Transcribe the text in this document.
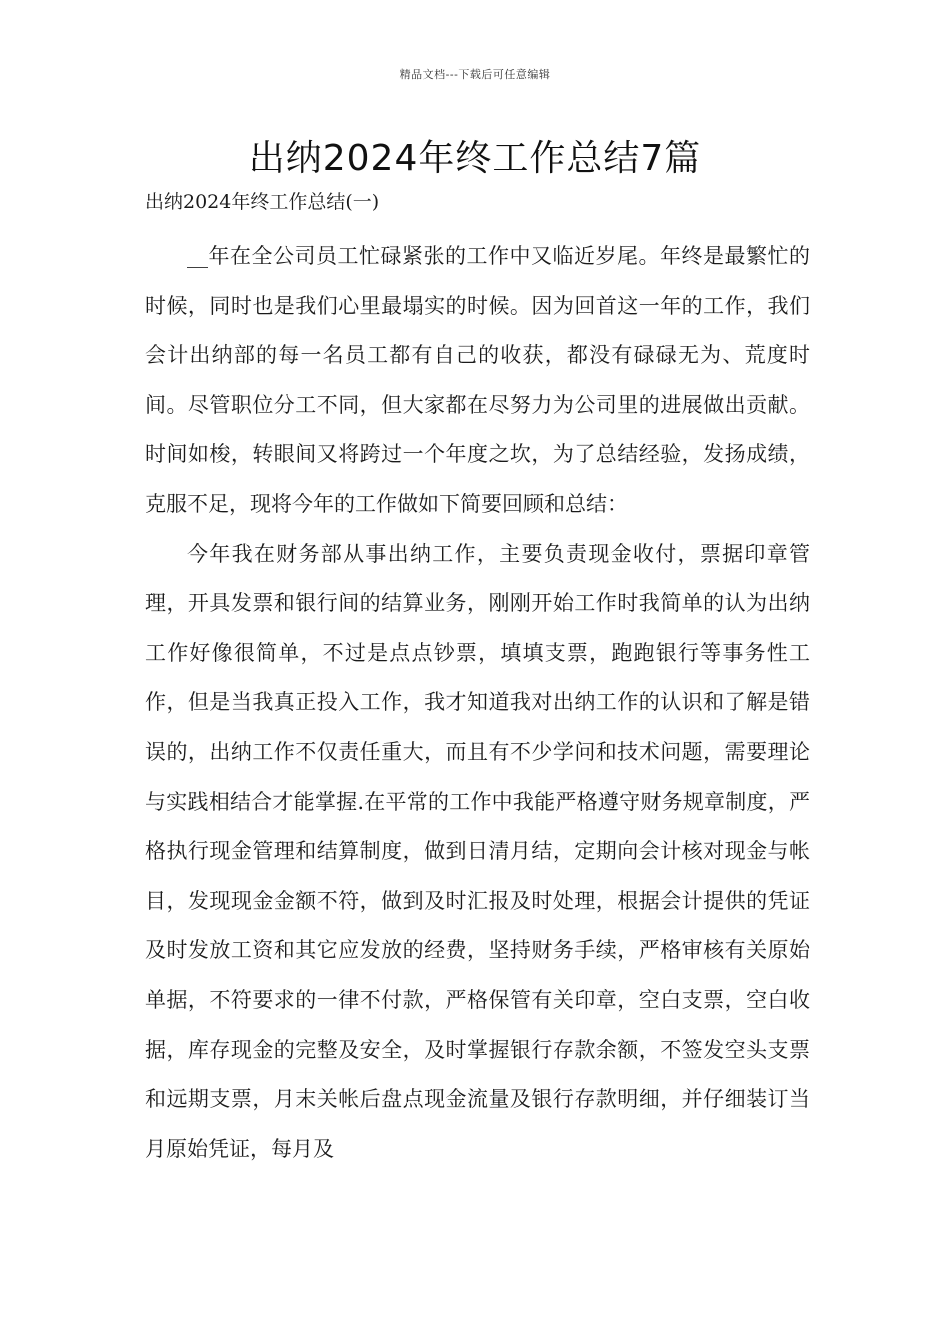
精品文档---下载后可任意编辑
出纳2024年终工作总结7篇
出纳2024年终工作总结(一)

__年在全公司员工忙碌紧张的工作中又临近岁尾。年终是最繁忙的时候，同时也是我们心里最塌实的时候。因为回首这一年的工作，我们会计出纳部的每一名员工都有自己的收获，都没有碌碌无为、荒度时间。尽管职位分工不同，但大家都在尽努力为公司里的进展做出贡献。时间如梭，转眼间又将跨过一个年度之坎，为了总结经验，发扬成绩，克服不足，现将今年的工作做如下简要回顾和总结：

今年我在财务部从事出纳工作，主要负责现金收付，票据印章管理，开具发票和银行间的结算业务，刚刚开始工作时我简单的认为出纳工作好像很简单，不过是点点钞票，填填支票，跑跑银行等事务性工作，但是当我真正投入工作，我才知道我对出纳工作的认识和了解是错误的，出纳工作不仅责任重大，而且有不少学问和技术问题，需要理论与实践相结合才能掌握.在平常的工作中我能严格遵守财务规章制度，严格执行现金管理和结算制度，做到日清月结，定期向会计核对现金与帐目，发现现金金额不符，做到及时汇报及时处理，根据会计提供的凭证及时发放工资和其它应发放的经费，坚持财务手续，严格审核有关原始单据，不符要求的一律不付款，严格保管有关印章，空白支票，空白收据，库存现金的完整及安全，及时掌握银行存款余额，不签发空头支票和远期支票，月末关帐后盘点现金流量及银行存款明细，并仔细装订当月原始凭证，每月及
